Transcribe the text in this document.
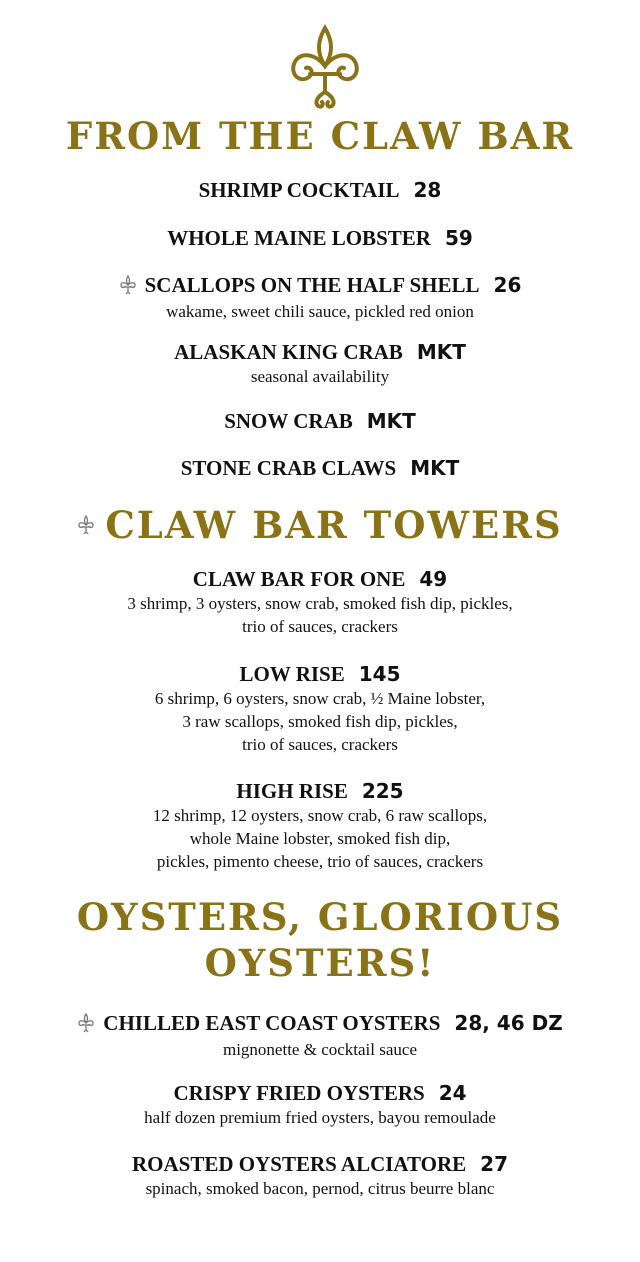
FROM THE CLAW BAR
SHRIMP COCKTAIL 28
WHOLE MAINE LOBSTER 59
SCALLOPS ON THE HALF SHELL 26
wakame, sweet chili sauce, pickled red onion
ALASKAN KING CRAB MKT
seasonal availability
SNOW CRAB MKT
STONE CRAB CLAWS MKT
CLAW BAR TOWERS
CLAW BAR FOR ONE 49
3 shrimp, 3 oysters, snow crab, smoked fish dip, pickles,
trio of sauces, crackers
LOW RISE 145
6 shrimp, 6 oysters, snow crab, ½ Maine lobster,
3 raw scallops, smoked fish dip, pickles,
trio of sauces, crackers
HIGH RISE 225
12 shrimp, 12 oysters, snow crab, 6 raw scallops,
whole Maine lobster, smoked fish dip,
pickles, pimento cheese, trio of sauces, crackers
OYSTERS, GLORIOUS
OYSTERS!
CHILLED EAST COAST OYSTERS 28, 46 DZ
mignonette & cocktail sauce
CRISPY FRIED OYSTERS 24
half dozen premium fried oysters, bayou remoulade
ROASTED OYSTERS ALCIATORE 27
spinach, smoked bacon, pernod, citrus beurre blanc
